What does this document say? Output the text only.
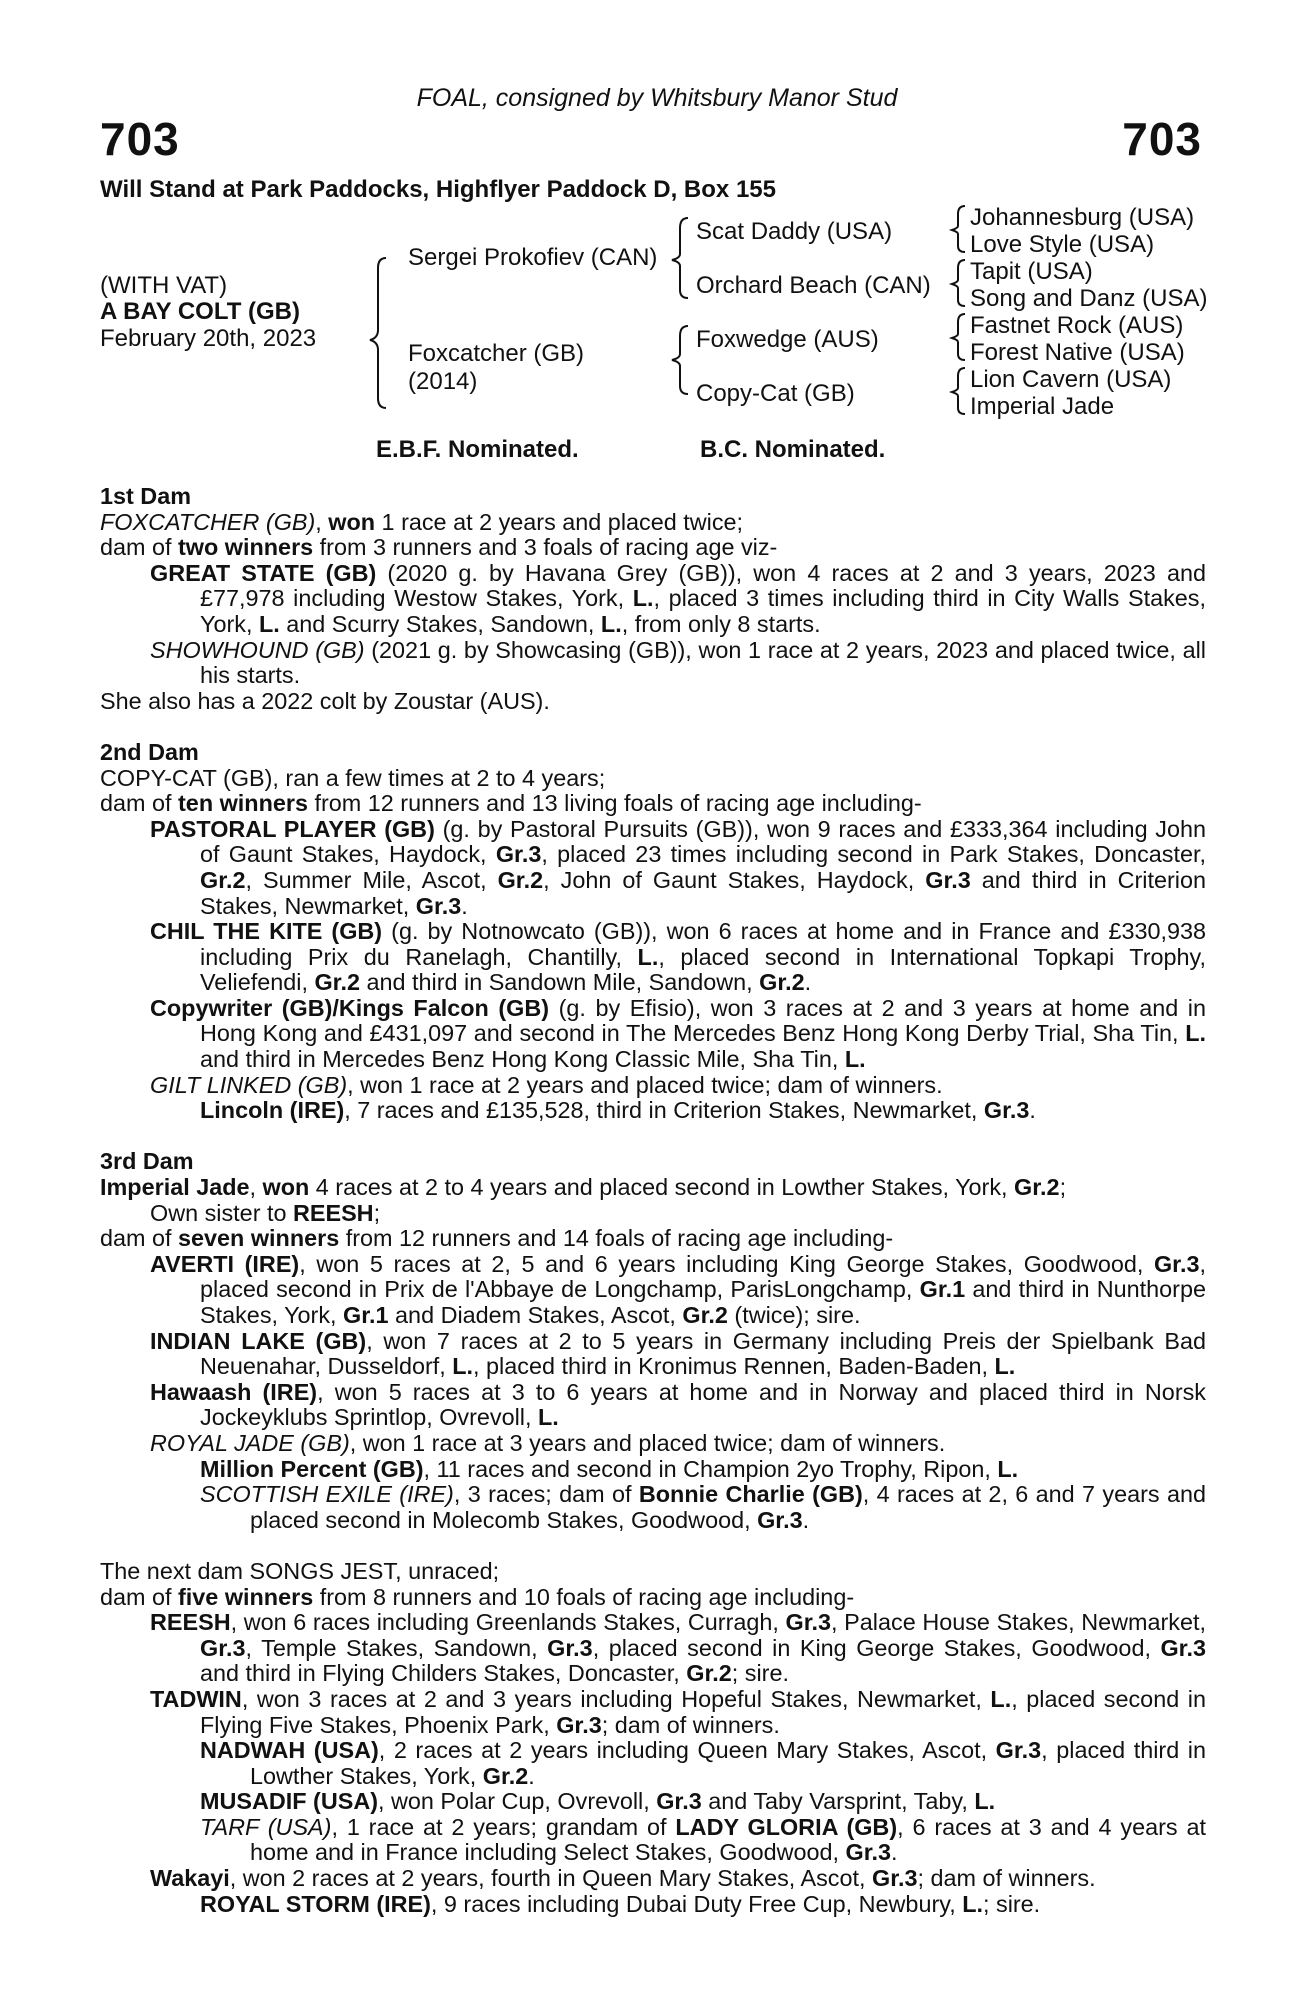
FOAL, consigned by Whitsbury Manor Stud
703	703
Will Stand at Park Paddocks, Highflyer Paddock D, Box 155
(WITH VAT)
A BAY COLT (GB)
February 20th, 2023
Sergei Prokofiev (CAN)
Foxcatcher (GB)
(2014)
Scat Daddy (USA)
Orchard Beach (CAN)
Foxwedge (AUS)
Copy-Cat (GB)
Johannesburg (USA)
Love Style (USA)
Tapit (USA)
Song and Danz (USA)
Fastnet Rock (AUS)
Forest Native (USA)
Lion Cavern (USA)
Imperial Jade
E.B.F. Nominated.	B.C. Nominated.

1st Dam

FOXCATCHER (GB), won 1 race at 2 years and placed twice;

dam of two winners from 3 runners and 3 foals of racing age viz-

GREAT STATE (GB) (2020 g. by Havana Grey (GB)), won 4 races at 2 and 3 years, 2023 and £77,978 including Westow Stakes, York, L., placed 3 times including third in City Walls Stakes, York, L. and Scurry Stakes, Sandown, L., from only 8 starts.

SHOWHOUND (GB) (2021 g. by Showcasing (GB)), won 1 race at 2 years, 2023 and placed twice, all his starts.

She also has a 2022 colt by Zoustar (AUS).

2nd Dam

COPY-CAT (GB), ran a few times at 2 to 4 years;

dam of ten winners from 12 runners and 13 living foals of racing age including-

PASTORAL PLAYER (GB) (g. by Pastoral Pursuits (GB)), won 9 races and £333,364 including John of Gaunt Stakes, Haydock, Gr.3, placed 23 times including second in Park Stakes, Doncaster, Gr.2, Summer Mile, Ascot, Gr.2, John of Gaunt Stakes, Haydock, Gr.3 and third in Criterion Stakes, Newmarket, Gr.3.

CHIL THE KITE (GB) (g. by Notnowcato (GB)), won 6 races at home and in France and £330,938 including Prix du Ranelagh, Chantilly, L., placed second in International Topkapi Trophy, Veliefendi, Gr.2 and third in Sandown Mile, Sandown, Gr.2.

Copywriter (GB)/Kings Falcon (GB) (g. by Efisio), won 3 races at 2 and 3 years at home and in Hong Kong and £431,097 and second in The Mercedes Benz Hong Kong Derby Trial, Sha Tin, L. and third in Mercedes Benz Hong Kong Classic Mile, Sha Tin, L.

GILT LINKED (GB), won 1 race at 2 years and placed twice; dam of winners.

Lincoln (IRE), 7 races and £135,528, third in Criterion Stakes, Newmarket, Gr.3.

3rd Dam

Imperial Jade, won 4 races at 2 to 4 years and placed second in Lowther Stakes, York, Gr.2;

Own sister to REESH;

dam of seven winners from 12 runners and 14 foals of racing age including-

AVERTI (IRE), won 5 races at 2, 5 and 6 years including King George Stakes, Goodwood, Gr.3, placed second in Prix de l'Abbaye de Longchamp, ParisLongchamp, Gr.1 and third in Nunthorpe Stakes, York, Gr.1 and Diadem Stakes, Ascot, Gr.2 (twice); sire.

INDIAN LAKE (GB), won 7 races at 2 to 5 years in Germany including Preis der Spielbank Bad Neuenahar, Dusseldorf, L., placed third in Kronimus Rennen, Baden-Baden, L.

Hawaash (IRE), won 5 races at 3 to 6 years at home and in Norway and placed third in Norsk Jockeyklubs Sprintlop, Ovrevoll, L.

ROYAL JADE (GB), won 1 race at 3 years and placed twice; dam of winners.

Million Percent (GB), 11 races and second in Champion 2yo Trophy, Ripon, L.

SCOTTISH EXILE (IRE), 3 races; dam of Bonnie Charlie (GB), 4 races at 2, 6 and 7 years and placed second in Molecomb Stakes, Goodwood, Gr.3.

The next dam SONGS JEST, unraced;

dam of five winners from 8 runners and 10 foals of racing age including-

REESH, won 6 races including Greenlands Stakes, Curragh, Gr.3, Palace House Stakes, Newmarket, Gr.3, Temple Stakes, Sandown, Gr.3, placed second in King George Stakes, Goodwood, Gr.3 and third in Flying Childers Stakes, Doncaster, Gr.2; sire.

TADWIN, won 3 races at 2 and 3 years including Hopeful Stakes, Newmarket, L., placed second in Flying Five Stakes, Phoenix Park, Gr.3; dam of winners.

NADWAH (USA), 2 races at 2 years including Queen Mary Stakes, Ascot, Gr.3, placed third in Lowther Stakes, York, Gr.2.

MUSADIF (USA), won Polar Cup, Ovrevoll, Gr.3 and Taby Varsprint, Taby, L.

TARF (USA), 1 race at 2 years; grandam of LADY GLORIA (GB), 6 races at 3 and 4 years at home and in France including Select Stakes, Goodwood, Gr.3.

Wakayi, won 2 races at 2 years, fourth in Queen Mary Stakes, Ascot, Gr.3; dam of winners.

ROYAL STORM (IRE), 9 races including Dubai Duty Free Cup, Newbury, L.; sire.
